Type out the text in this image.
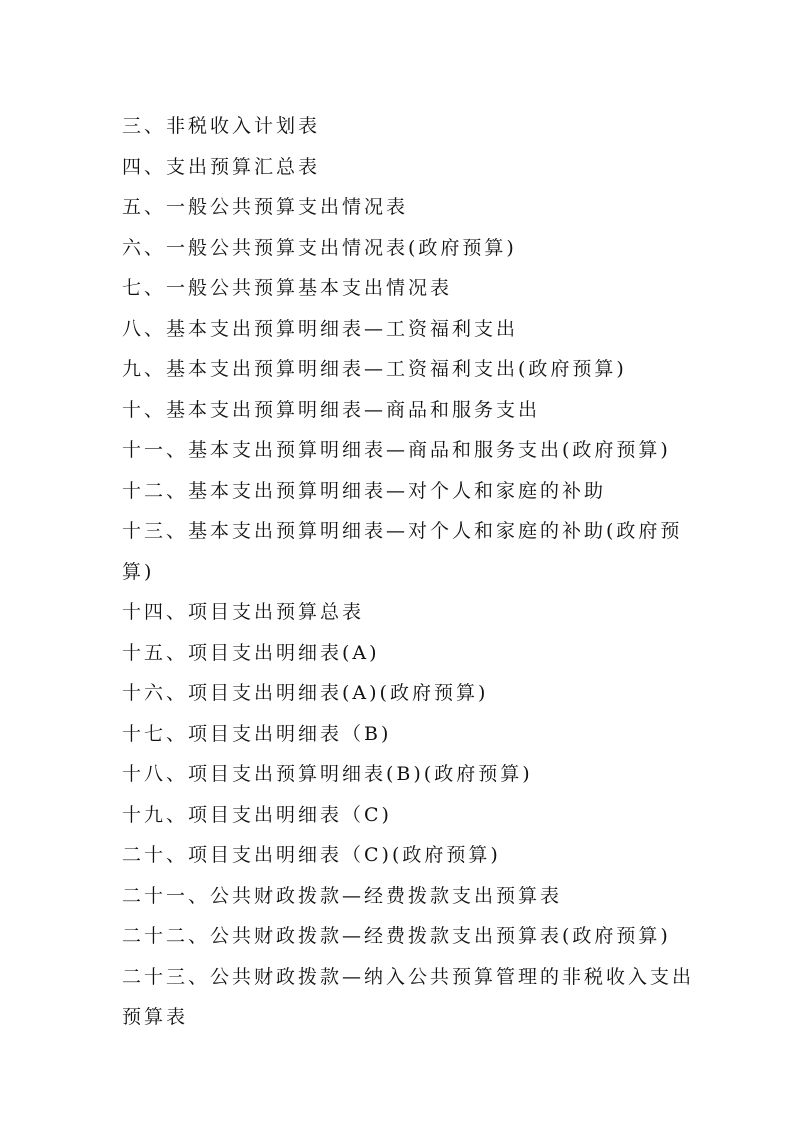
三、非税收入计划表
四、支出预算汇总表
五、一般公共预算支出情况表
六、一般公共预算支出情况表(政府预算)
七、一般公共预算基本支出情况表
八、基本支出预算明细表—工资福利支出
九、基本支出预算明细表—工资福利支出(政府预算)
十、基本支出预算明细表—商品和服务支出
十一、基本支出预算明细表—商品和服务支出(政府预算)
十二、基本支出预算明细表—对个人和家庭的补助
十三、基本支出预算明细表—对个人和家庭的补助(政府预
算)
十四、项目支出预算总表
十五、项目支出明细表(A)
十六、项目支出明细表(A)(政府预算)
十七、项目支出明细表（B)
十八、项目支出预算明细表(B)(政府预算)
十九、项目支出明细表（C)
二十、项目支出明细表（C)(政府预算)
二十一、公共财政拨款—经费拨款支出预算表
二十二、公共财政拨款—经费拨款支出预算表(政府预算)
二十三、公共财政拨款—纳入公共预算管理的非税收入支出
预算表
